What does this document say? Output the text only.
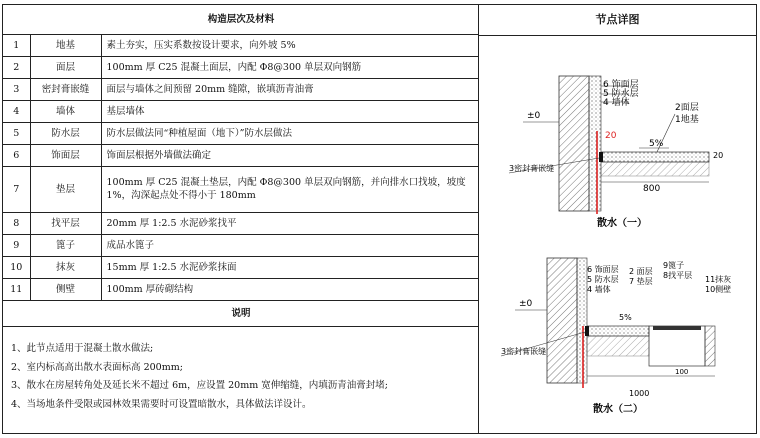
构造层次及材料		
1	地基	素土夯实，压实系数按设计要求，向外坡 5%
2	面层	100mm 厚 C25 混凝土面层，内配 Φ8@300 单层双向钢筋
3	密封膏嵌缝	面层与墙体之间预留 20mm 缝隙，嵌填沥青油膏
4	墙体	基层墙体
5	防水层	防水层做法同“种植屋面（地下）”防水层做法
6	饰面层	饰面层根据外墙做法确定
7	垫层	100mm 厚 C25 混凝土垫层，内配 Φ8@300 单层双向钢筋，并向排水口找坡，坡度 1%，沟深起点处不得小于 180mm
8	找平层	20mm 厚 1:2.5 水泥砂浆找平
9	篦子	成品水篦子
10	抹灰	15mm 厚 1:2.5 水泥砂浆抹面
11	侧壁	100mm 厚砖砌结构
说明		
1、此节点适用于混凝土散水做法;
2、室内标高高出散水表面标高 200mm;
3、散水在房屋转角处及延长米不超过 6m，应设置 20mm 宽伸缩缝，内填沥青油膏封堵;
4、当场地条件受限或园林效果需要时可设置暗散水，具体做法详设计。
节点详图
6 饰面层
5 防水层
4 墙体	2面层
1地基
±0
20
5%
3密封膏嵌缝
800
20
散水（一）
6 饰面层
5 防水层
4 墙体
2 面层
7 垫层
9篦子
8找平层 11抹灰
10侧壁
±0
5%
3密封膏嵌缝
1000
100
散水（二）
